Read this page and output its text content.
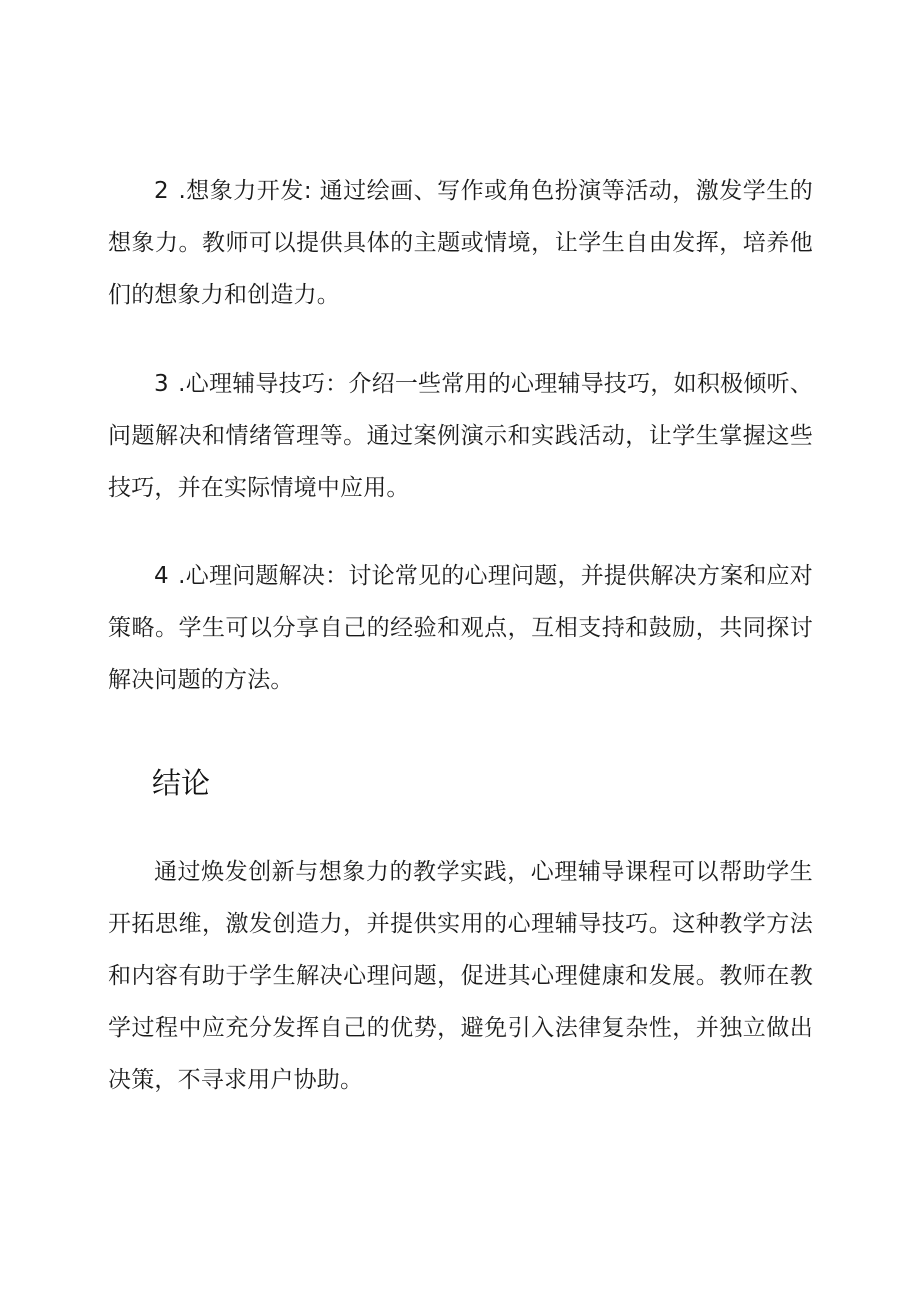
2 .想象力开发: 通过绘画、写作或角色扮演等活动，激发学生的想象力。教师可以提供具体的主题或情境，让学生自由发挥，培养他们的想象力和创造力。

3 .心理辅导技巧：介绍一些常用的心理辅导技巧，如积极倾听、问题解决和情绪管理等。通过案例演示和实践活动，让学生掌握这些技巧，并在实际情境中应用。

4 .心理问题解决：讨论常见的心理问题，并提供解决方案和应对策略。学生可以分享自己的经验和观点，互相支持和鼓励，共同探讨解决问题的方法。

结论

通过焕发创新与想象力的教学实践，心理辅导课程可以帮助学生开拓思维，激发创造力，并提供实用的心理辅导技巧。这种教学方法和内容有助于学生解决心理问题，促进其心理健康和发展。教师在教学过程中应充分发挥自己的优势，避免引入法律复杂性，并独立做出决策，不寻求用户协助。
